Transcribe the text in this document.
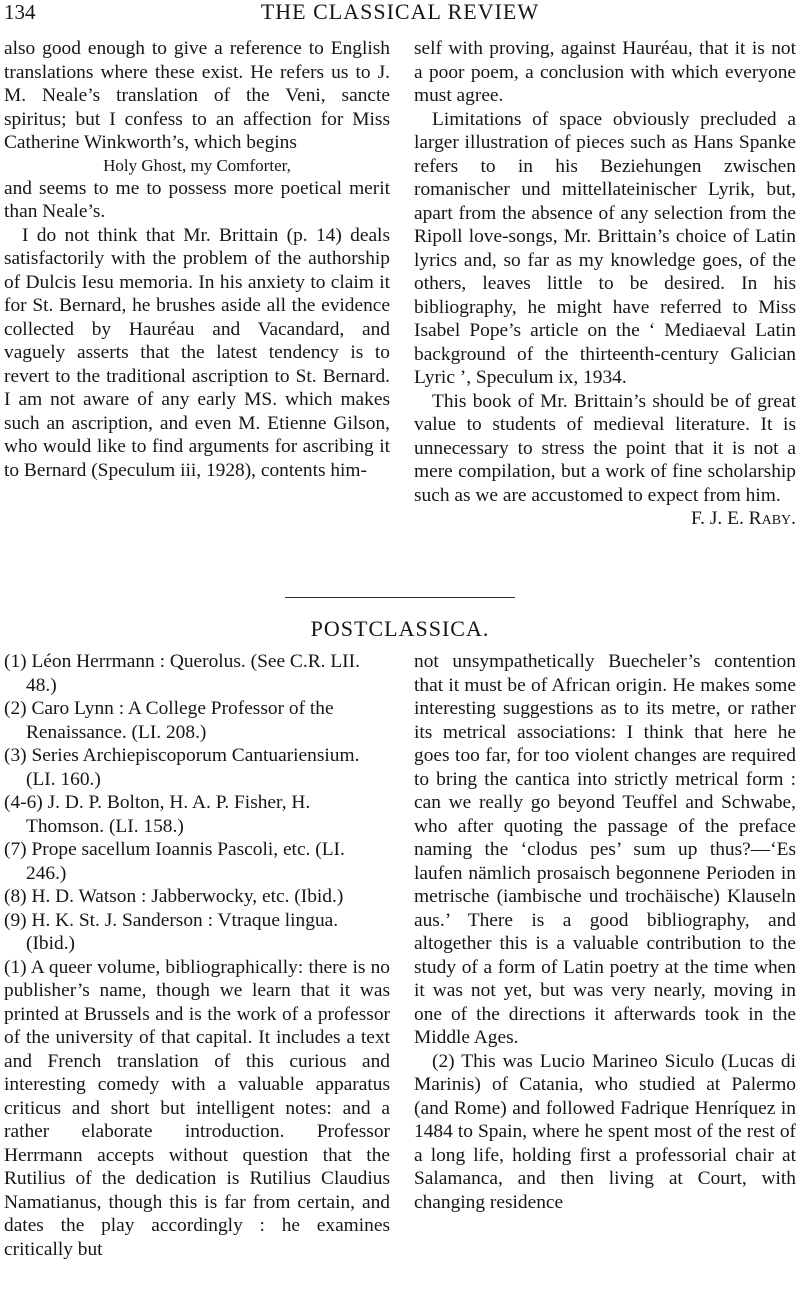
134	THE CLASSICAL REVIEW

also good enough to give a reference to English translations where these exist. He refers us to J. M. Neale’s translation of the Veni, sancte spiritus; but I confess to an affection for Miss Catherine Winkworth’s, which begins

Holy Ghost, my Comforter,

and seems to me to possess more poetical merit than Neale’s.

I do not think that Mr. Brittain (p. 14) deals satisfactorily with the problem of the authorship of Dulcis Iesu memoria. In his anxiety to claim it for St. Bernard, he brushes aside all the evidence collected by Hauréau and Vacandard, and vaguely asserts that the latest tendency is to revert to the traditional ascription to St. Bernard. I am not aware of any early MS. which makes such an ascription, and even M. Etienne Gilson, who would like to find arguments for ascribing it to Bernard (Speculum iii, 1928), contents him-

self with proving, against Hauréau, that it is not a poor poem, a conclusion with which everyone must agree.

Limitations of space obviously precluded a larger illustration of pieces such as Hans Spanke refers to in his Beziehungen zwischen romanischer und mittellateinischer Lyrik, but, apart from the absence of any selection from the Ripoll love-songs, Mr. Brittain’s choice of Latin lyrics and, so far as my knowledge goes, of the others, leaves little to be desired. In his bibliography, he might have referred to Miss Isabel Pope’s article on the ‘ Mediaeval Latin background of the thirteenth-century Galician Lyric ’, Speculum ix, 1934.

This book of Mr. Brittain’s should be of great value to students of medieval literature. It is unnecessary to stress the point that it is not a mere compilation, but a work of fine scholarship such as we are accustomed to expect from him.

F. J. E. Raby.

POSTCLASSICA.

(1) Léon Herrmann : Querolus. (See C.R. LII. 48.)

(2) Caro Lynn : A College Professor of the Renaissance. (LI. 208.)

(3) Series Archiepiscoporum Cantuariensium. (LI. 160.)

(4-6) J. D. P. Bolton, H. A. P. Fisher, H. Thomson. (LI. 158.)

(7) Prope sacellum Ioannis Pascoli, etc. (LI. 246.)

(8) H. D. Watson : Jabberwocky, etc. (Ibid.)

(9) H. K. St. J. Sanderson : Vtraque lingua. (Ibid.)

(1) A queer volume, bibliographically: there is no publisher’s name, though we learn that it was printed at Brussels and is the work of a professor of the university of that capital. It includes a text and French translation of this curious and interesting comedy with a valuable apparatus criticus and short but intelligent notes: and a rather elaborate introduction. Professor Herrmann accepts without question that the Rutilius of the dedication is Rutilius Claudius Namatianus, though this is far from certain, and dates the play accordingly : he examines critically but

not unsympathetically Buecheler’s contention that it must be of African origin. He makes some interesting suggestions as to its metre, or rather its metrical associations: I think that here he goes too far, for too violent changes are required to bring the cantica into strictly metrical form : can we really go beyond Teuffel and Schwabe, who after quoting the passage of the preface naming the ‘clodus pes’ sum up thus?—‘Es laufen nämlich prosaisch begonnene Perioden in metrische (iambische und trochäische) Klauseln aus.’ There is a good bibliography, and altogether this is a valuable contribution to the study of a form of Latin poetry at the time when it was not yet, but was very nearly, moving in one of the directions it afterwards took in the Middle Ages.

(2) This was Lucio Marineo Siculo (Lucas di Marinis) of Catania, who studied at Palermo (and Rome) and followed Fadrique Henríquez in 1484 to Spain, where he spent most of the rest of a long life, holding first a professorial chair at Salamanca, and then living at Court, with changing residence
